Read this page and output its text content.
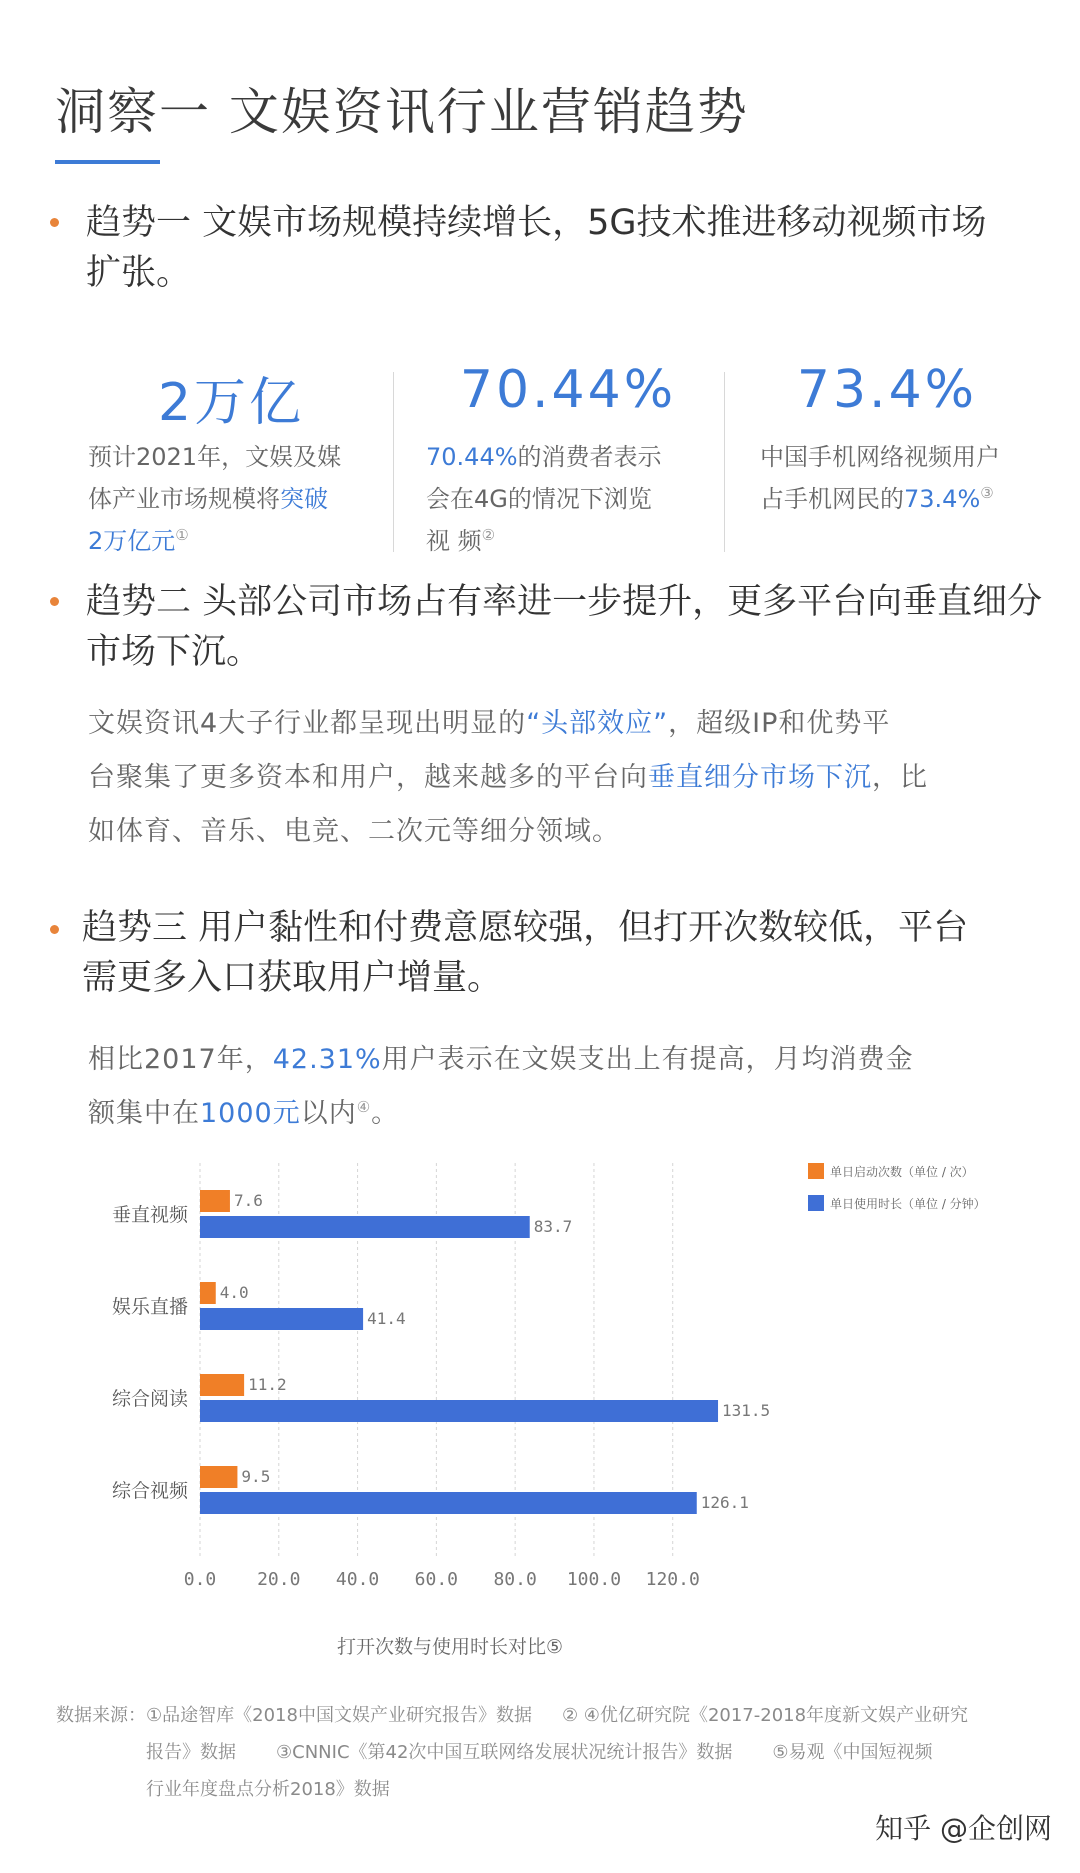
洞察一 文娱资讯行业营销趋势
趋势一 文娱市场规模持续增长，5G技术推进移动视频市场
扩张。
2万亿
预计2021年，文娱及媒
体产业市场规模将突破
2万亿元①
70.44%
70.44%的消费者表示
会在4G的情况下浏览
视 频②
73.4%
中国手机网络视频用户
占手机网民的73.4%③
趋势二 头部公司市场占有率进一步提升，更多平台向垂直细分
市场下沉。
文娱资讯4大子行业都呈现出明显的“头部效应”，超级IP和优势平
台聚集了更多资本和用户，越来越多的平台向垂直细分市场下沉，比
如体育、音乐、电竞、二次元等细分领域。
趋势三 用户黏性和付费意愿较强，但打开次数较低，平台
需更多入口获取用户增量。
相比2017年，42.31%用户表示在文娱支出上有提高，月均消费金
额集中在1000元以内④。
0.0 20.0 40.0 60.0 80.0 100.0 120.0
垂直视频
7.6
83.7
娱乐直播
4.0
41.4
综合阅读
11.2
131.5
综合视频
9.5
126.1
单日启动次数（单位 / 次）
单日使用时长（单位 / 分钟）
打开次数与使用时长对比⑤
数据来源：①品途智库《2018中国文娱产业研究报告》数据 ② ④优亿研究院《2017-2018年度新文娱产业研究
报告》数据 ③CNNIC《第42次中国互联网络发展状况统计报告》数据 ⑤易观《中国短视频
行业年度盘点分析2018》数据
知乎 @企创网
